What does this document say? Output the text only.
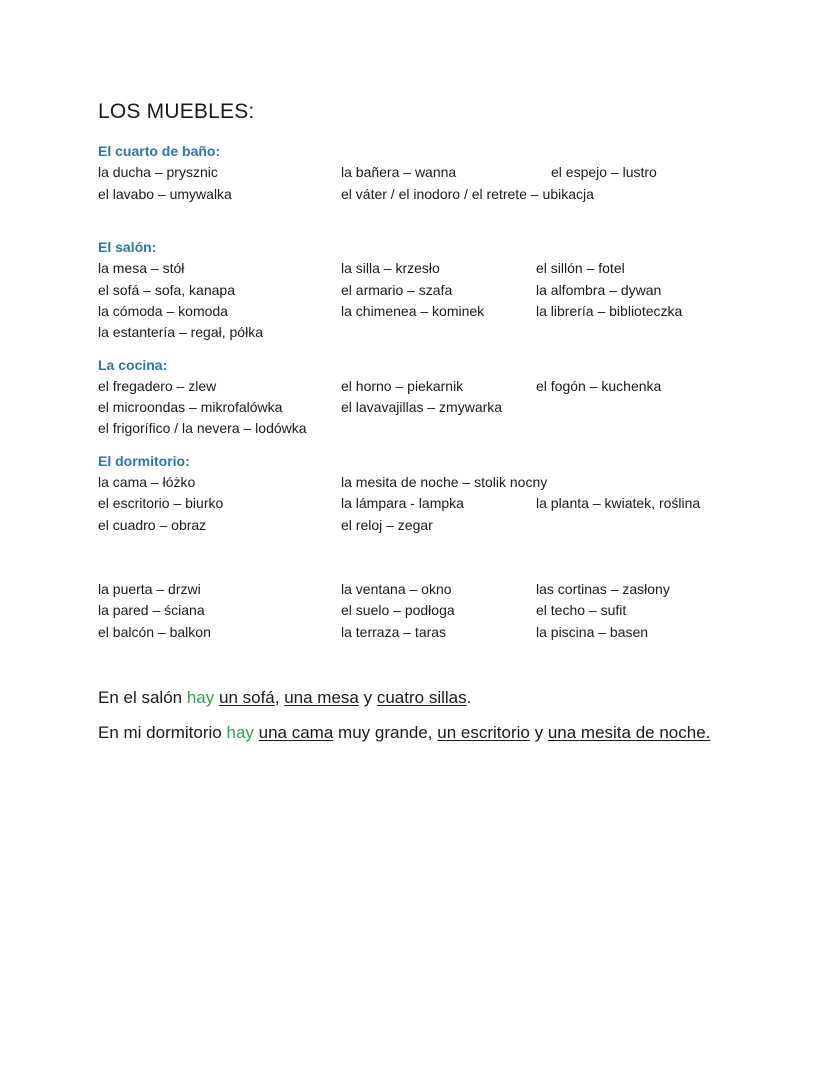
LOS MUEBLES:
El cuarto de baño:
la ducha – prysznic	la bañera – wanna	el espejo – lustro
el lavabo – umywalka	el váter / el inodoro / el retrete – ubikacja
El salón:
la mesa – stół	la silla – krzesło	el sillón – fotel
el sofá – sofa, kanapa	el armario – szafa	la alfombra – dywan
la cómoda – komoda	la chimenea – kominek	la librería – biblioteczka
la estantería – regał, półka
La cocina:
el fregadero – zlew	el horno – piekarnik	el fogón – kuchenka
el microondas – mikrofalówka	el lavavajillas – zmywarka
el frigorífico / la nevera – lodówka
El dormitorio:
la cama – łóżko	la mesita de noche – stolik nocny
el escritorio – biurko	la lámpara - lampka	la planta – kwiatek, roślina
el cuadro – obraz	el reloj – zegar
la puerta – drzwi	la ventana – okno	las cortinas – zasłony
la pared – ściana	el suelo – podłoga	el techo – sufit
el balcón – balkon	la terraza – taras	la piscina – basen
En el salón hay un sofá, una mesa y cuatro sillas.
En mi dormitorio hay una cama muy grande, un escritorio y una mesita de noche.
